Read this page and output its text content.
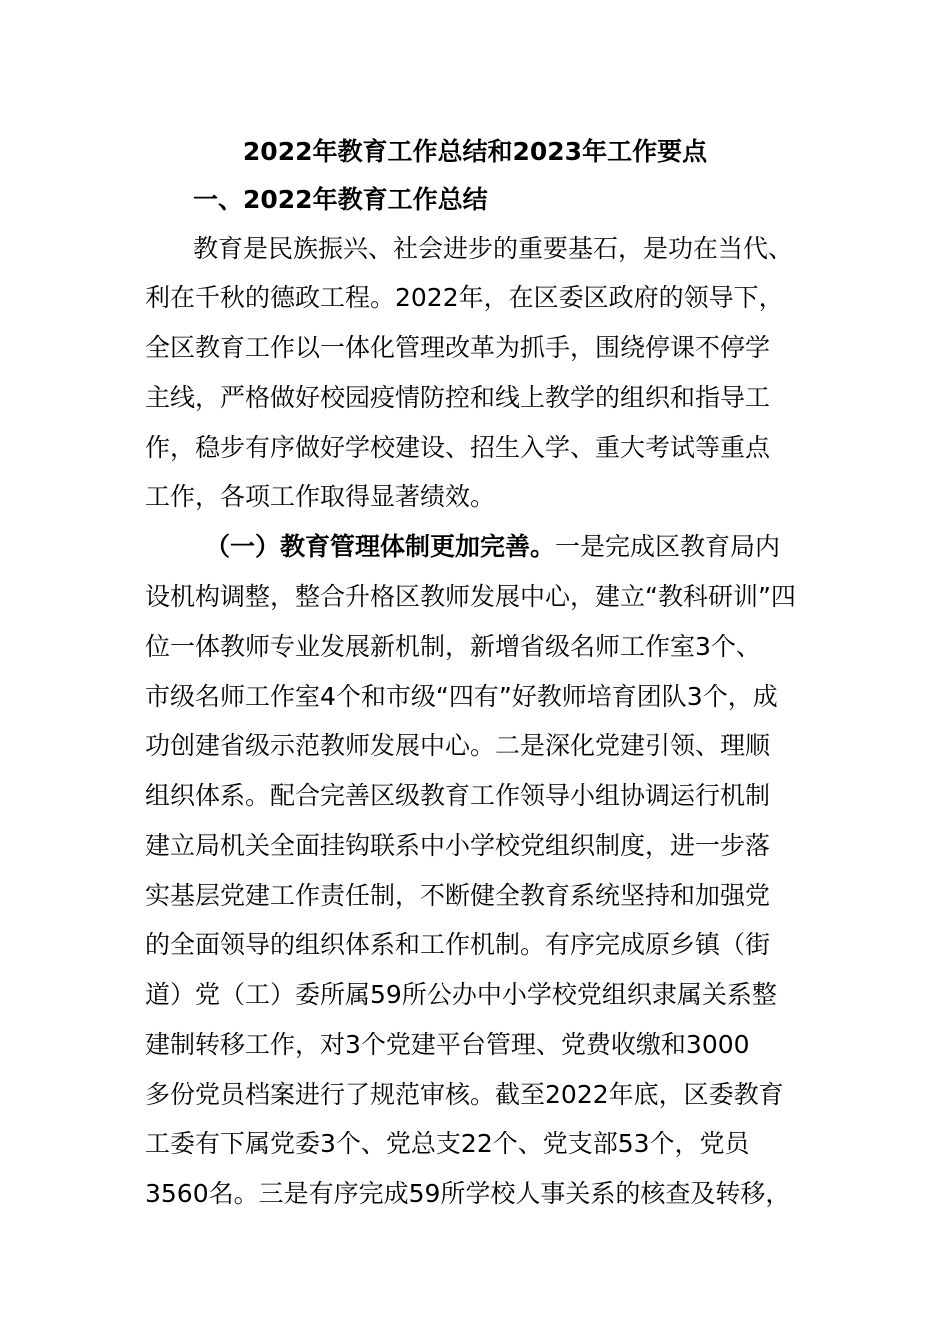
2022年教育工作总结和2023年工作要点
一、2022年教育工作总结
教育是民族振兴、社会进步的重要基石，是功在当代、
利在千秋的德政工程。2022年，在区委区政府的领导下，
全区教育工作以一体化管理改革为抓手，围绕停课不停学
主线，严格做好校园疫情防控和线上教学的组织和指导工
作，稳步有序做好学校建设、招生入学、重大考试等重点
工作，各项工作取得显著绩效。
（一）教育管理体制更加完善。一是完成区教育局内
设机构调整，整合升格区教师发展中心，建立“教科研训”四
位一体教师专业发展新机制，新增省级名师工作室3个、
市级名师工作室4个和市级“四有”好教师培育团队3个，成
功创建省级示范教师发展中心。二是深化党建引领、理顺
组织体系。配合完善区级教育工作领导小组协调运行机制
建立局机关全面挂钩联系中小学校党组织制度，进一步落
实基层党建工作责任制，不断健全教育系统坚持和加强党
的全面领导的组织体系和工作机制。有序完成原乡镇（街
道）党（工）委所属59所公办中小学校党组织隶属关系整
建制转移工作，对3个党建平台管理、党费收缴和3000
多份党员档案进行了规范审核。截至2022年底，区委教育
工委有下属党委3个、党总支22个、党支部53个，党员
3560名。三是有序完成59所学校人事关系的核查及转移，
